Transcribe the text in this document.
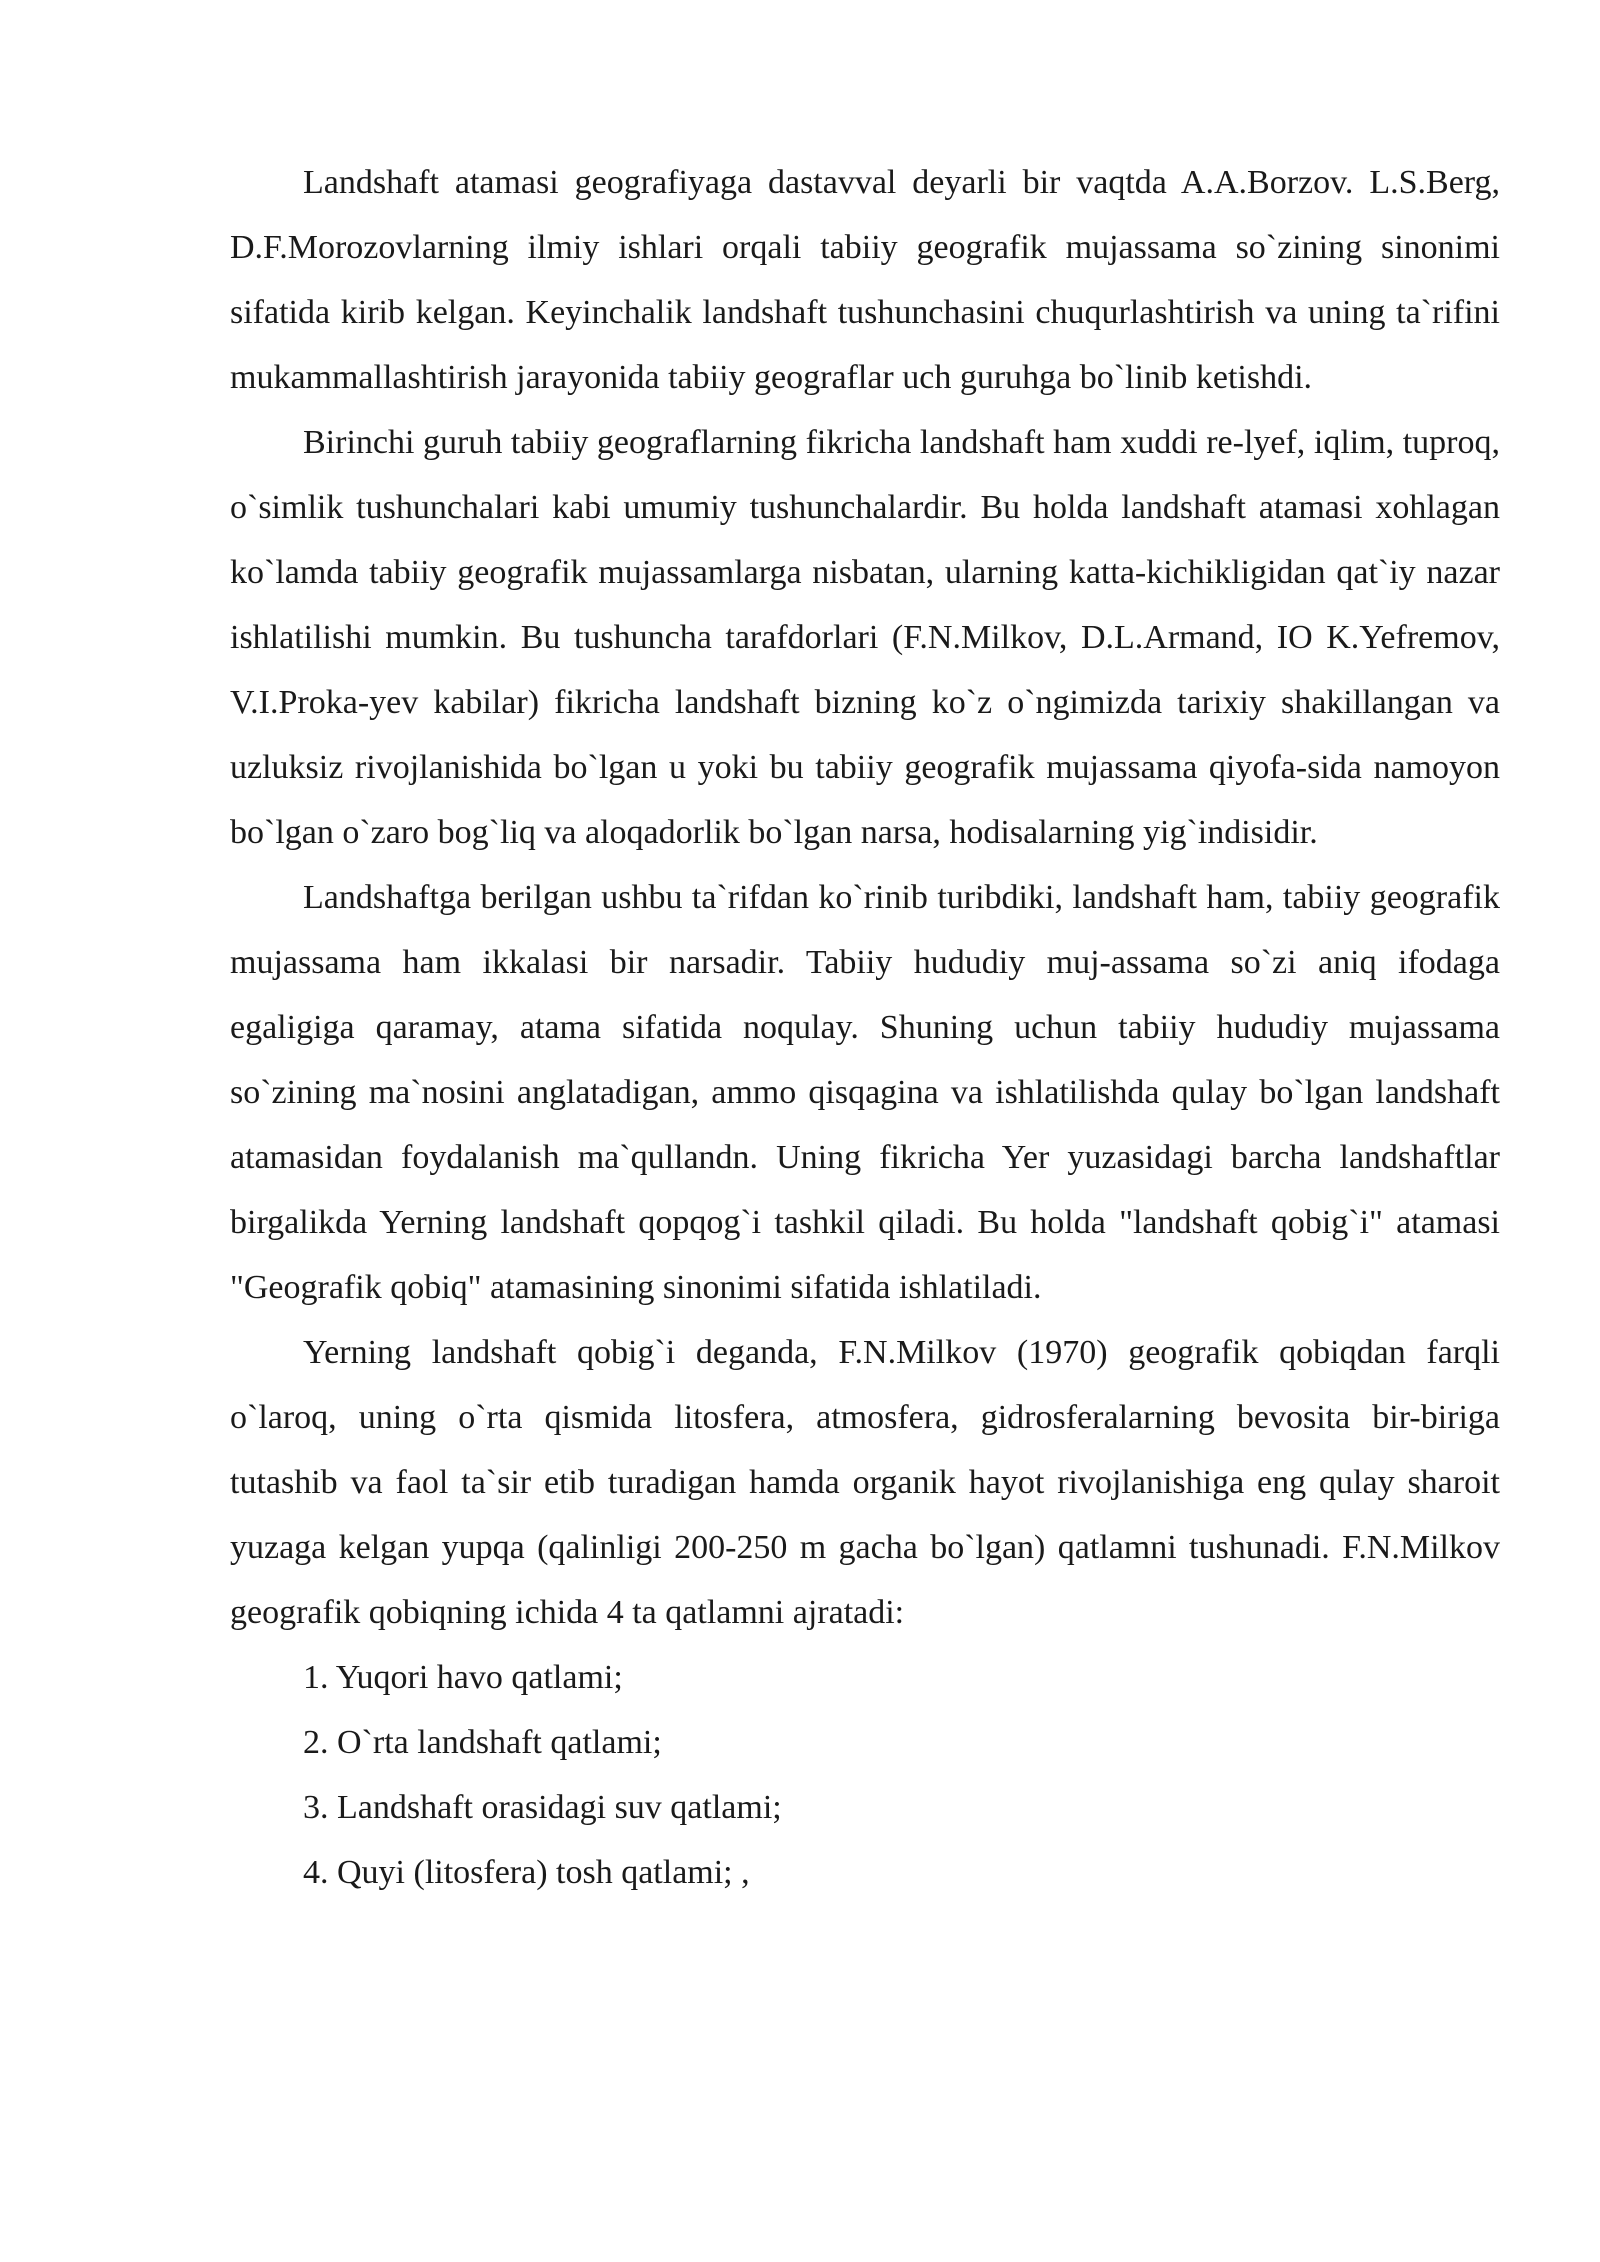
Landshaft atamasi geografiyaga dastavval deyarli bir vaqtda A.A.Borzov. L.S.Berg, D.F.Morozovlarning ilmiy ishlari orqali tabiiy geografik mujassama so`zining sinonimi sifatida kirib kelgan. Keyinchalik landshaft tushunchasini chuqurlashtirish va uning ta`rifini mukammallashtirish jarayonida tabiiy geograflar uch guruhga bo`linib ketishdi.

Birinchi guruh tabiiy geograflarning fikricha landshaft ham xuddi re-lyef, iqlim, tuproq, o`simlik tushunchalari kabi umumiy tushunchalardir. Bu holda landshaft atamasi xohlagan ko`lamda tabiiy geografik mujassamlarga nisbatan, ularning katta-kichikligidan qat`iy nazar ishlatilishi mumkin. Bu tushuncha tarafdorlari (F.N.Milkov, D.L.Armand, IO K.Yefremov, V.I.Proka-yev kabilar) fikricha landshaft bizning ko`z o`ngimizda tarixiy shakillangan va uzluksiz rivojlanishida bo`lgan u yoki bu tabiiy geografik mujassama qiyofa-sida namoyon bo`lgan o`zaro bog`liq va aloqadorlik bo`lgan narsa, hodisalarning yig`indisidir.

Landshaftga berilgan ushbu ta`rifdan ko`rinib turibdiki, landshaft ham, tabiiy geografik mujassama ham ikkalasi bir narsadir. Tabiiy hududiy muj-assama so`zi aniq ifodaga egaligiga qaramay, atama sifatida noqulay. Shuning uchun tabiiy hududiy mujassama so`zining ma`nosini anglatadigan, ammo qisqagina va ishlatilishda qulay bo`lgan landshaft atamasidan foydalanish ma`qullandn. Uning fikricha Yer yuzasidagi barcha landshaftlar birgalikda Yerning landshaft qopqog`i tashkil qiladi. Bu holda "landshaft qobig`i" atamasi "Geografik qobiq" atamasining sinonimi sifatida ishlatiladi.

Yerning landshaft qobig`i deganda, F.N.Milkov (1970) geografik qobiqdan farqli o`laroq, uning o`rta qismida litosfera, atmosfera, gidrosferalarning bevosita bir-biriga tutashib va faol ta`sir etib turadigan hamda organik hayot rivojlanishiga eng qulay sharoit yuzaga kelgan yupqa (qalinligi 200-250 m gacha bo`lgan) qatlamni tushunadi. F.N.Milkov geografik qobiqning ichida 4 ta qatlamni ajratadi:

1. Yuqori havo qatlami;
2. O`rta landshaft qatlami;
3. Landshaft orasidagi suv qatlami;
4. Quyi (litosfera) tosh qatlami; ,
